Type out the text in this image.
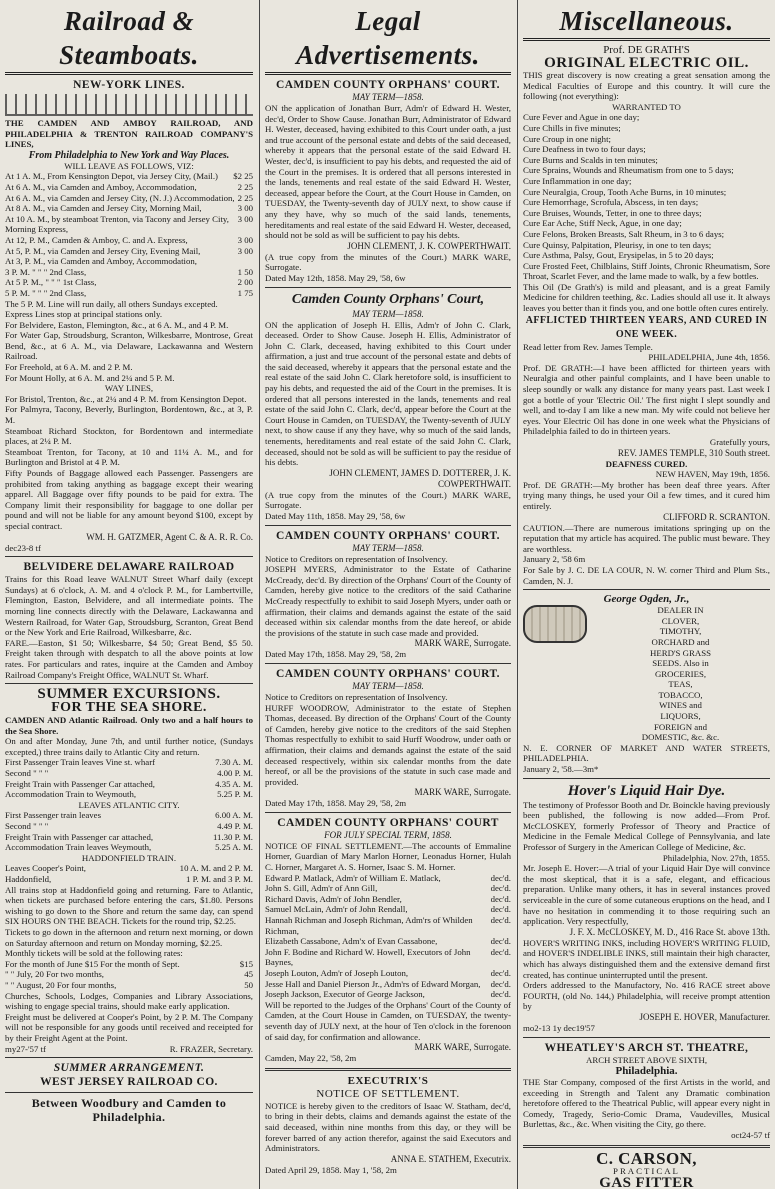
Railroad & Steamboats.
NEW-YORK LINES.
THE CAMDEN AND AMBOY RAILROAD, AND PHILADELPHIA & TRENTON RAILROAD COMPANY'S LINES,
From Philadelphia to New York and Way Places.
WILL LEAVE AS FOLLOWS, VIZ:
At 1 A. M., From Kensington Depot, via Jersey City, (Mail.)	$2 25
At 6 A. M., via Camden and Amboy, Accommodation,	2 25
At 6 A. M., via Camden and Jersey City, (N. J.) Accommodation, 2 25
At 8 A. M., via Camden and Jersey City, Morning Mail,	3 00
At 10 A. M., by steamboat Trenton, via Tacony and Jersey City, Morning Express,
3 00
At 12, P. M., Camden & Amboy, C. and A. Express,	3 00
At 5, P. M., via Camden and Jersey City, Evening Mail,	3 00
At 3, P. M., via Camden and Amboy, Accommodation,
3 P. M. " " " 2nd Class,	1 50
At 5 P. M., " " " 1st Class,	2 00
5 P. M. " " " 2nd Class,	1 75
The 5 P. M. Line will run daily, all others Sundays excepted.
Express Lines stop at principal stations only.
For Belvidere, Easton, Flemington, &c., at 6 A. M., and 4 P. M.
For Water Gap, Stroudsburg, Scranton, Wilkesbarre, Montrose, Great Bend, &c., at 6 A. M., via Delaware, Lackawanna and Western Railroad.
For Freehold, at 6 A. M. and 2 P. M.
For Mount Holly, at 6 A. M. and 2¼ and 5 P. M.
WAY LINES,
For Bristol, Trenton, &c., at 2¼ and 4 P. M. from Kensington Depot.
For Palmyra, Tacony, Beverly, Burlington, Bordentown, &c., at 3, P. M.
Steamboat Richard Stockton, for Bordentown and intermediate places, at 2¼ P. M.
Steamboat Trenton, for Tacony, at 10 and 11¼ A. M., and for Burlington and Bristol at 4 P. M.
Fifty Pounds of Baggage allowed each Passenger. Passengers are prohibited from taking anything as baggage except their wearing apparel. All Baggage over fifty pounds to be paid for extra. The Company limit their responsibility for baggage to one dollar per pound and will not be liable for any amount beyond $100, except by special contract.
WM. H. GATZMER, Agent C. & A. R. R. Co.
dec23-8 tf
BELVIDERE DELAWARE RAILROAD
Trains for this Road leave WALNUT Street Wharf daily (except Sundays) at 6 o'clock, A. M. and 4 o'clock P. M., for Lambertville, Flemington, Easton, Belvidere, and all intermediate points. The morning line connects directly with the Delaware, Lackawanna and Western Railroad, for Water Gap, Stroudsburg, Scranton, Great Bend or the New York and Erie Railroad, Wilkesbarre, &c.
FARE.—Easton, $1 50; Wilkesbarre, $4 50; Great Bend, $5 50. Freight taken through with despatch to all the above points at low rates. For particulars and rates, inquire at the Camden and Amboy Railroad Company's Freight Office, WALNUT St. Wharf.
SUMMER EXCURSIONS.
FOR THE SEA SHORE.
CAMDEN AND Atlantic Railroad. Only two and a half hours to the Sea Shore.
On and after Monday, June 7th, and until further notice, (Sundays excepted,) three trains daily to Atlantic City and return.
First Passenger Train leaves Vine st. wharf	7.30 A. M.
Second " " "	4.00 P. M.
Freight Train with Passenger Car attached,	4.35 A. M.
Accommodation Train to Weymouth,	5.25 P. M.
LEAVES ATLANTIC CITY.
First Passenger train leaves	6.00 A. M.
Second " " "	4.49 P. M.
Freight Train with Passenger car attached,	11.30 P. M.
Accommodation Train leaves Weymouth,	5.25 A. M.
HADDONFIELD TRAIN.
Leaves Cooper's Point,	10 A. M. and 2 P. M.
Haddonfield,	1 P. M. and 3 P. M.
All trains stop at Haddonfield going and returning. Fare to Atlantic, when tickets are purchased before entering the cars, $1.80. Persons wishing to go down to the Shore and return the same day, can spend SIX HOURS ON THE BEACH. Tickets for the round trip, $2.25.
Tickets to go down in the afternoon and return next morning, or down on Saturday afternoon and return on Monday morning, $2.25.
Monthly tickets will be sold at the following rates:
For the month of June $15 For the month of Sept.	$15
" " July, 20 For two months,	45
" " August, 20 For four months,	50
Churches, Schools, Lodges, Companies and Library Associations, wishing to engage special trains, should make early application.
Freight must be delivered at Cooper's Point, by 2 P. M. The Company will not be responsible for any goods until received and receipted for by their Freight Agent at the Point.
my27-'57 tf	R. FRAZER, Secretary.
SUMMER ARRANGEMENT.
WEST JERSEY RAILROAD CO.
Between Woodbury and Camden to Philadelphia.
Legal Advertisements.
CAMDEN COUNTY ORPHANS' COURT.
MAY TERM—1858.
ON the application of Jonathan Burr, Adm'r of Edward H. Wester, dec'd, Order to Show Cause. Jonathan Burr, Administrator of Edward H. Wester, deceased, having exhibited to this Court under oath, a just and true account of the personal estate and debts of the said deceased, whereby it appears that the personal estate of the said Edward H. Wester, dec'd, is insufficient to pay his debts, and requested the aid of the Court in the premises. It is ordered that all persons interested in the lands, tenements and real estate of the said Edward H. Wester, deceased, appear before the Court, at the Court House in Camden, on TUESDAY, the Twenty-seventh day of JULY next, to show cause if any they have, why so much of the said lands, tenements, hereditaments and real estate of the said Edward H. Wester, deceased, should not be sold as will be sufficient to pay his debts.
JOHN CLEMENT, J. K. COWPERTHWAIT.
(A true copy from the minutes of the Court.) MARK WARE, Surrogate.
Dated May 12th, 1858. May 29, '58, 6w
Camden County Orphans' Court,
MAY TERM—1858.
ON the application of Joseph H. Ellis, Adm'r of John C. Clark, deceased. Order to Show Cause. Joseph H. Ellis, Administrator of John C. Clark, deceased, having exhibited to this Court under affirmation, a just and true account of the personal estate and debts of the said deceased, whereby it appears that the personal estate and the real estate of the said John C. Clark heretofore sold, is insufficient to pay his debts, and requested the aid of the Court in the premises. It is ordered that all persons interested in the lands, tenements and real estate of the said John C. Clark, dec'd, appear before the Court at the Court House in Camden, on TUESDAY, the Twenty-seventh of JULY next, to show cause if any they have, why so much of the said lands, tenements, hereditaments and real estate of the said John C. Clark, deceased, should not be sold as will be sufficient to pay the residue of his debts.
JOHN CLEMENT, JAMES D. DOTTERER, J. K. COWPERTHWAIT.
(A true copy from the minutes of the Court.) MARK WARE, Surrogate.
Dated May 11th, 1858. May 29, '58, 6w
CAMDEN COUNTY ORPHANS' COURT.
MAY TERM—1858.
Notice to Creditors on representation of Insolvency.
JOSEPH MYERS, Administrator to the Estate of Catharine McCready, dec'd. By direction of the Orphans' Court of the County of Camden, hereby give notice to the creditors of the said Catharine McCready respectfully to exhibit to said Joseph Myers, under oath or affirmation, their claims and demands against the estate of the said deceased within six calendar months from the date hereof, or abide the provisions of the statute in such case made and provided.
MARK WARE, Surrogate.
Dated May 17th, 1858. May 29, '58, 2m
CAMDEN COUNTY ORPHANS' COURT.
MAY TERM—1858.
Notice to Creditors on representation of Insolvency.
HURFF WOODROW, Administrator to the estate of Stephen Thomas, deceased. By direction of the Orphans' Court of the County of Camden, hereby give notice to the creditors of the said Stephen Thomas respectfully to exhibit to said Hurff Woodrow, under oath or affirmation, their claims and demands against the estate of the said deceased respectively, within six calendar months from the date hereof, or all be the provisions of the statute in such case made and provided.
MARK WARE, Surrogate.
Dated May 17th, 1858. May 29, '58, 2m
CAMDEN COUNTY ORPHANS' COURT
FOR JULY SPECIAL TERM, 1858.
NOTICE OF FINAL SETTLEMENT.—The accounts of Emmaline Horner, Guardian of Mary Marlon Horner, Leonadus Horner, Hulah C. Horner, Margaret A. S. Horner, Isaac S. M. Horner.
Edward P. Matlack, Adm'r of William E. Matlack,	dec'd.
John S. Gill, Adm'r of Ann Gill,	dec'd.
Richard Davis, Adm'r of John Bendler,	dec'd.
Samuel McLain, Adm'r of John Rendall,	dec'd.
Hannah Richman and Joseph Richman, Adm'rs of Whilden Richman,
dec'd.
Elizabeth Cassabone, Adm'x of Evan Cassabone,	dec'd.
John F. Bodine and Richard W. Howell, Executors of John Baynes,
dec'd.
Joseph Louton, Adm'r of Joseph Louton,	dec'd.
Jesse Hall and Daniel Pierson Jr., Adm'rs of Edward Morgan,	dec'd.
Joseph Jackson, Executor of George Jackson,	dec'd.
Will be reported to the Judges of the Orphans' Court of the County of Camden, at the Court House in Camden, on TUESDAY, the twenty-seventh day of JULY next, at the hour of Ten o'clock in the forenoon of said day, for confirmation and allowance.
MARK WARE, Surrogate.
Camden, May 22, '58, 2m
EXECUTRIX'S
NOTICE OF SETTLEMENT.
NOTICE is hereby given to the creditors of Isaac W. Statham, dec'd, to bring in their debts, claims and demands against the estate of the said deceased, within nine months from this day, or they will be forever barred of any action therefor, against the said Executors and Administrators.
ANNA E. STATHEM, Executrix.
Dated April 29, 1858. May 1, '58, 2m
Miscellaneous.
Prof. DE GRATH'S
ORIGINAL ELECTRIC OIL.
THIS great discovery is now creating a great sensation among the Medical Faculties of Europe and this country. It will cure the following (not everything):
WARRANTED TO
Cure Fever and Ague in one day;
Cure Chills in five minutes;
Cure Croup in one night;
Cure Deafness in two to four days;
Cure Burns and Scalds in ten minutes;
Cure Sprains, Wounds and Rheumatism from one to 5 days;
Cure Inflammation in one day;
Cure Neuralgia, Croup, Tooth Ache Burns, in 10 minutes;
Cure Hemorrhage, Scrofula, Abscess, in ten days;
Cure Bruises, Wounds, Tetter, in one to three days;
Cure Ear Ache, Stiff Neck, Ague, in one day;
Cure Felons, Broken Breasts, Salt Rheum, in 3 to 6 days;
Cure Quinsy, Palpitation, Pleurisy, in one to ten days;
Cure Asthma, Palsy, Gout, Erysipelas, in 5 to 20 days;
Cure Frosted Feet, Chilblains, Stiff Joints, Chronic Rheumatism, Sore Throat, Scarlet Fever, and the lame made to walk, by a few bottles.
This Oil (De Grath's) is mild and pleasant, and is a great Family Medicine for children teething, &c. Ladies should all use it. It always leaves you better than it finds you, and one bottle often cures entirely.
AFFLICTED THIRTEEN YEARS, AND CURED IN ONE WEEK.
Read letter from Rev. James Temple.
PHILADELPHIA, June 4th, 1856.
Prof. DE GRATH:—I have been afflicted for thirteen years with Neuralgia and other painful complaints, and I have been unable to sleep soundly or walk any distance for many years past. Last week I got a bottle of your 'Electric Oil.' The first night I slept soundly and well, and to-day I am like a new man. My wife could not believe her eyes. Your Electric Oil has done in one week what the Physicians of Philadelphia failed to do in thirteen years.
Gratefully yours,
REV. JAMES TEMPLE, 310 South street.
DEAFNESS CURED.
NEW HAVEN, May 19th, 1856.
Prof. DE GRATH:—My brother has been deaf three years. After trying many things, he used your Oil a few times, and it cured him entirely.
CLIFFORD R. SCRANTON.
CAUTION.—There are numerous imitations springing up on the reputation that my article has acquired. The public must beware. They are worthless.
January 2, '58 6m
For Sale by J. C. DE LA COUR, N. W. corner Third and Plum Sts., Camden, N. J.
George Ogden, Jr.,
DEALER IN
CLOVER,
TIMOTHY,
ORCHARD and
HERD'S GRASS
SEEDS. Also in
GROCERIES,
TEAS,
TOBACCO,
WINES and
LIQUORS,
FOREIGN and
DOMESTIC, &c. &c.
N. E. CORNER OF MARKET AND WATER STREETS, PHILADELPHIA.
January 2, '58.—3m*
Hover's Liquid Hair Dye.
The testimony of Professor Booth and Dr. Boinckle having previously been published, the following is now added—From Prof. McCLOSKEY, formerly Professor of Theory and Practice of Medicine in the Female Medical College of Pennsylvania, and late Professor of Surgery in the American College of Medicine, &c.
Philadelphia, Nov. 27th, 1855.
Mr. Joseph E. Hover:—A trial of your Liquid Hair Dye will convince the most skeptical, that it is a safe, elegant, and efficacious preparation. Unlike many others, it has in several instances proved serviceable in the cure of some cutaneous eruptions on the head, and I have no hesitation in commending it to those requiring such an application. Very respectfully,
J. F. X. McCLOSKEY, M. D., 416 Race St. above 13th.
HOVER'S WRITING INKS, including HOVER'S WRITING FLUID, and HOVER'S INDELIBLE INKS, still maintain their high character, which has always distinguished them and the extensive demand first created, has continue uninterrupted until the present.
Orders addressed to the Manufactory, No. 416 RACE street above FOURTH, (old No. 144,) Philadelphia, will receive prompt attention by
JOSEPH E. HOVER, Manufacturer.
mo2-13 1y dec19'57
WHEATLEY'S ARCH ST. THEATRE,
ARCH STREET ABOVE SIXTH,
Philadelphia.
THE Star Company, composed of the first Artists in the world, and exceeding in Strength and Talent any Dramatic combination heretofore offered to the Theatrical Public, will appear every night in Comedy, Tragedy, Serio-Comic Drama, Vaudevilles, Musical Burlettas, &c., &c. When visiting the City, go there.
oct24-57 tf
C. CARSON,
PRACTICAL
GAS FITTER
